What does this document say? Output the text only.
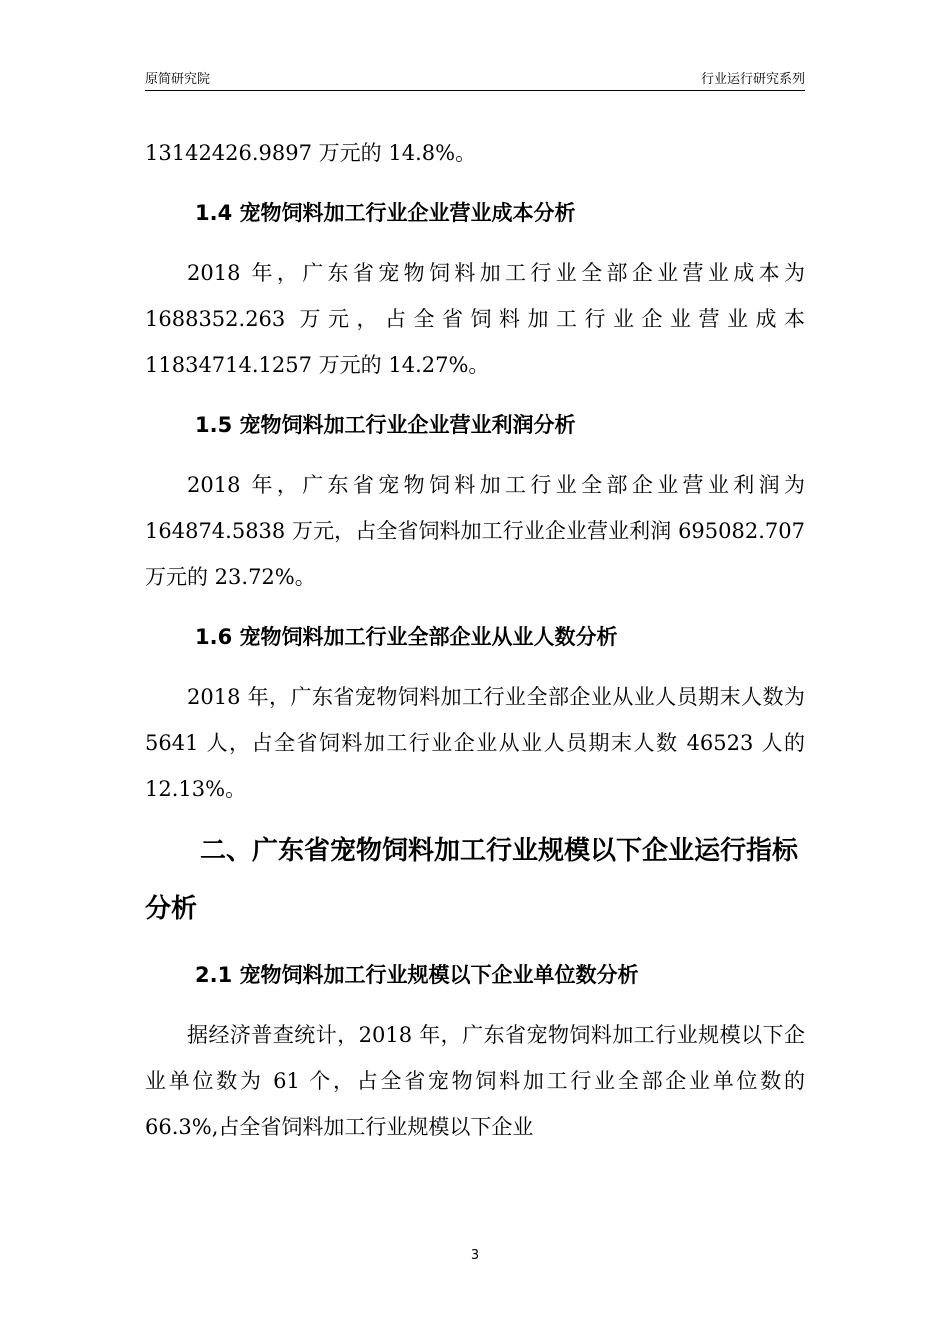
原简研究院	行业运行研究系列

13142426.9897 万元的 14.8%。

1.4 宠物饲料加工行业企业营业成本分析

2018 年，广东省宠物饲料加工行业全部企业营业成本为 1688352.263 万元，占全省饲料加工行业企业营业成本 11834714.1257 万元的 14.27%。

1.5 宠物饲料加工行业企业营业利润分析

2018 年，广东省宠物饲料加工行业全部企业营业利润为 164874.5838 万元，占全省饲料加工行业企业营业利润 695082.707 万元的 23.72%。

1.6 宠物饲料加工行业全部企业从业人数分析

2018 年，广东省宠物饲料加工行业全部企业从业人员期末人数为 5641 人，占全省饲料加工行业企业从业人员期末人数 46523 人的 12.13%。

二、广东省宠物饲料加工行业规模以下企业运行指标分析
2.1 宠物饲料加工行业规模以下企业单位数分析

据经济普查统计，2018 年，广东省宠物饲料加工行业规模以下企业单位数为 61 个，占全省宠物饲料加工行业全部企业单位数的 66.3%,占全省饲料加工行业规模以下企业

3
